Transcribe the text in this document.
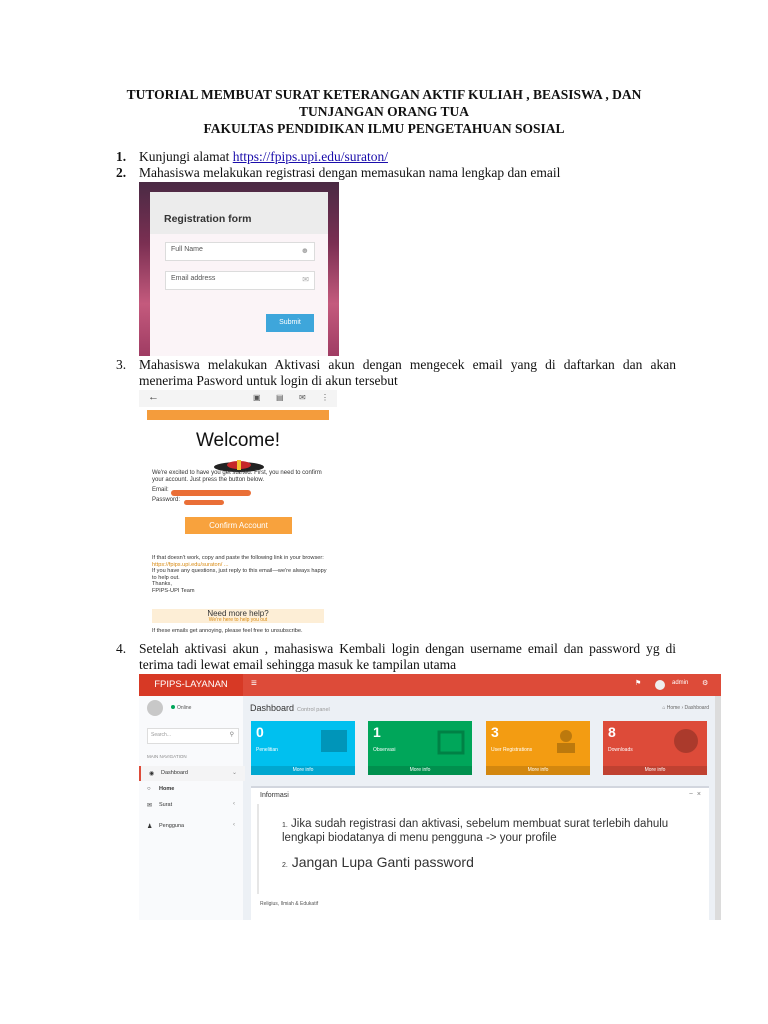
TUTORIAL MEMBUAT SURAT KETERANGAN AKTIF KULIAH , BEASISWA , DAN
TUNJANGAN ORANG TUA
FAKULTAS PENDIDIKAN ILMU PENGETAHUAN SOSIAL
1. Kunjungi alamat https://fpips.upi.edu/suraton/
2. Mahasiswa melakukan registrasi dengan memasukan nama lengkap dan email
Registration form
Full Name	☻
Email address	✉
Submit
3. Mahasiswa melakukan Aktivasi akun dengan mengecek email yang di daftarkan dan akan menerima Pasword untuk login di akun tersebut
←	▣ ▤ ✉ ⋮
Welcome!
We're excited to have you get started. First, you need to confirm your account. Just press the button below.
Email:
Password:
Confirm Account
If that doesn't work, copy and paste the following link in your browser:
https://fpips.upi.edu/suraton/ ...
If you have any questions, just reply to this email—we're always happy to help out.
Thanks,
FPIPS-UPI Team
Need more help?
We're here to help you out
If these emails get annoying, please feel free to unsubscribe.
4. Setelah aktivasi akun , mahasiswa Kembali login dengan username email dan password yg di terima tadi lewat email sehingga masuk ke tampilan utama
FPIPS-LAYANAN	≡	⚑	admin ⚙
Online
Search...	⚲
MAIN NAVIGATION
◉ Dashboard	⌄
○ Home
✉ Surat	‹
♟ Pengguna	‹
Dashboard Control panel	⌂ Home › Dashboard
0
Penelitian
More info
1
Observasi
More info
3
User Registrations
More info
8
Downloads
More info
Informasi	−  ×
1. Jika sudah registrasi dan aktivasi, sebelum membuat surat terlebih dahulu lengkapi biodatanya di menu pengguna -> your profile
2. Jangan Lupa Ganti password
Religius, Ilmiah & Edukatif
